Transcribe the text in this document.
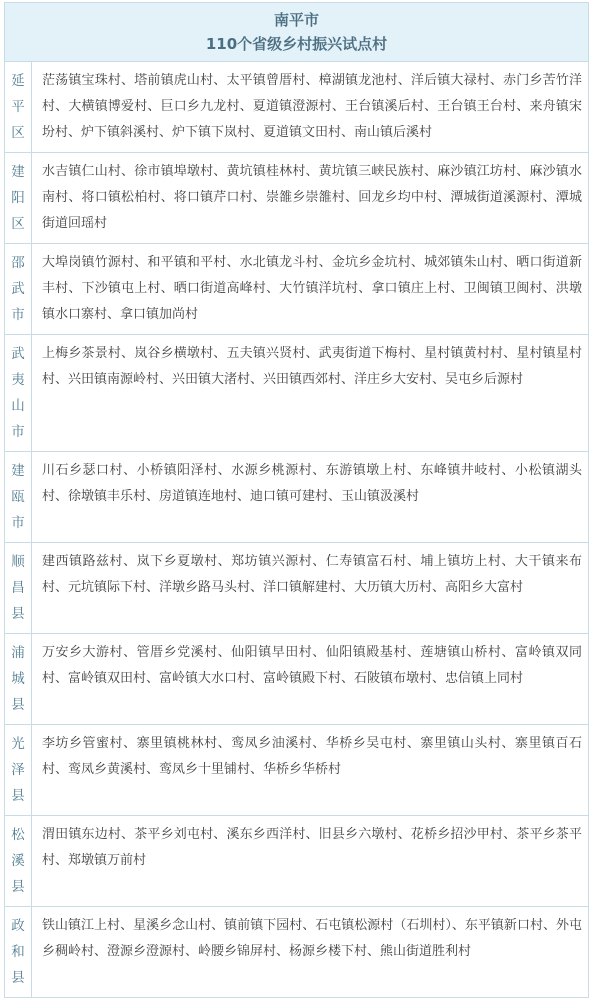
南平市
110个省级乡村振兴试点村	

延平区	茫荡镇宝珠村、塔前镇虎山村、太平镇曾厝村、樟湖镇龙池村、洋后镇大禄村、赤门乡苦竹洋村、大横镇博爱村、巨口乡九龙村、夏道镇澄源村、王台镇溪后村、王台镇王台村、来舟镇宋坋村、炉下镇斜溪村、炉下镇下岚村、夏道镇文田村、南山镇后溪村
建阳区	水吉镇仁山村、徐市镇埠墩村、黄坑镇桂林村、黄坑镇三峡民族村、麻沙镇江坊村、麻沙镇水南村、将口镇松柏村、将口镇芹口村、崇雒乡崇雒村、回龙乡均中村、潭城街道溪源村、潭城街道回瑶村
邵武市	大埠岗镇竹源村、和平镇和平村、水北镇龙斗村、金坑乡金坑村、城郊镇朱山村、晒口街道新丰村、下沙镇屯上村、晒口街道高峰村、大竹镇洋坑村、拿口镇庄上村、卫闽镇卫闽村、洪墩镇水口寨村、拿口镇加尚村
武夷山市	上梅乡茶景村、岚谷乡横墩村、五夫镇兴贤村、武夷街道下梅村、星村镇黄村村、星村镇星村村、兴田镇南源岭村、兴田镇大渚村、兴田镇西郊村、洋庄乡大安村、吴屯乡后源村
建瓯市	川石乡瑟口村、小桥镇阳泽村、水源乡桃源村、东游镇墩上村、东峰镇井岐村、小松镇湖头村、徐墩镇丰乐村、房道镇连地村、迪口镇可建村、玉山镇汲溪村
顺昌县	建西镇路兹村、岚下乡夏墩村、郑坊镇兴源村、仁寿镇富石村、埔上镇坊上村、大干镇来布村、元坑镇际下村、洋墩乡路马头村、洋口镇解建村、大历镇大历村、高阳乡大富村
浦城县	万安乡大游村、管厝乡党溪村、仙阳镇早田村、仙阳镇殿基村、莲塘镇山桥村、富岭镇双同村、富岭镇双田村、富岭镇大水口村、富岭镇殿下村、石陂镇布墩村、忠信镇上同村
光泽县	李坊乡管蜜村、寨里镇桃林村、鸾凤乡油溪村、华桥乡吴屯村、寨里镇山头村、寨里镇百石村、鸾凤乡黄溪村、鸾凤乡十里铺村、华桥乡华桥村
松溪县	渭田镇东边村、茶平乡刘屯村、溪东乡西洋村、旧县乡六墩村、花桥乡招沙甲村、茶平乡茶平村、郑墩镇万前村
政和县	铁山镇江上村、星溪乡念山村、镇前镇下园村、石屯镇松源村（石圳村）、东平镇新口村、外屯乡稠岭村、澄源乡澄源村、岭腰乡锦屏村、杨源乡楼下村、熊山街道胜利村
